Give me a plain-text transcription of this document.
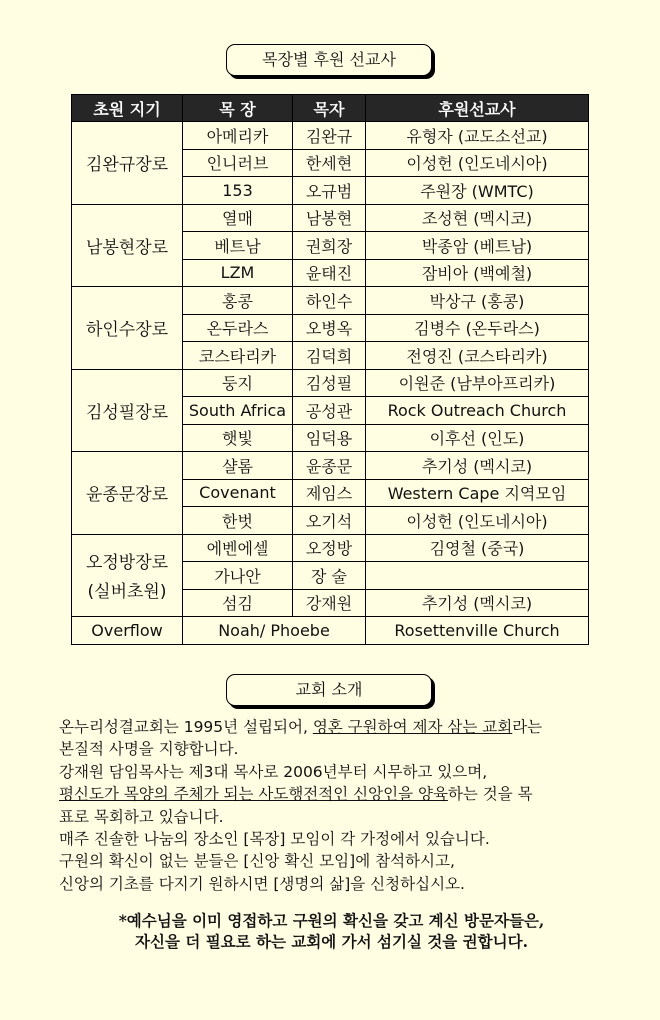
목장별 후원 선교사
초원 지기	목 장	목자	후원선교사
김완규장로	아메리카	김완규	유형자 (교도소선교)
	인니러브	한세현	이성헌 (인도네시아)
	153	오규범	주원장 (WMTC)
남봉현장로	열매	남봉현	조성현 (멕시코)
	베트남	권희장	박종암 (베트남)
	LZM	윤태진	잠비아 (백예철)
하인수장로	홍콩	하인수	박상구 (홍콩)
	온두라스	오병옥	김병수 (온두라스)
	코스타리카	김덕희	전영진 (코스타리카)
김성필장로	둥지	김성필	이원준 (남부아프리카)
	South Africa	공성관	Rock Outreach Church
	햇빛	임덕용	이후선 (인도)
윤종문장로	샬롬	윤종문	추기성 (멕시코)
	Covenant	제임스	Western Cape 지역모임
	한벗	오기석	이성헌 (인도네시아)
오정방장로
(실버초원)	에벤에셀	오정방	김영철 (중국)
	가나안	장 술	
	섬김	강재원	추기성 (멕시코)
Overflow	Noah/ Phoebe		Rosettenville Church
교회 소개

온누리성결교회는 1995년 설립되어, 영혼 구원하여 제자 삼는 교회라는

본질적 사명을 지향합니다.

강재원 담임목사는 제3대 목사로 2006년부터 시무하고 있으며,

평신도가 목양의 주체가 되는 사도행전적인 신앙인을 양육하는 것을 목

표로 목회하고 있습니다.

매주 진솔한 나눔의 장소인 [목장] 모임이 각 가정에서 있습니다.

구원의 확신이 없는 분들은 [신앙 확신 모임]에 참석하시고,

신앙의 기초를 다지기 원하시면 [생명의 삶]을 신청하십시오.

*예수님을 이미 영접하고 구원의 확신을 갖고 계신 방문자들은,
자신을 더 필요로 하는 교회에 가서 섬기실 것을 권합니다.
